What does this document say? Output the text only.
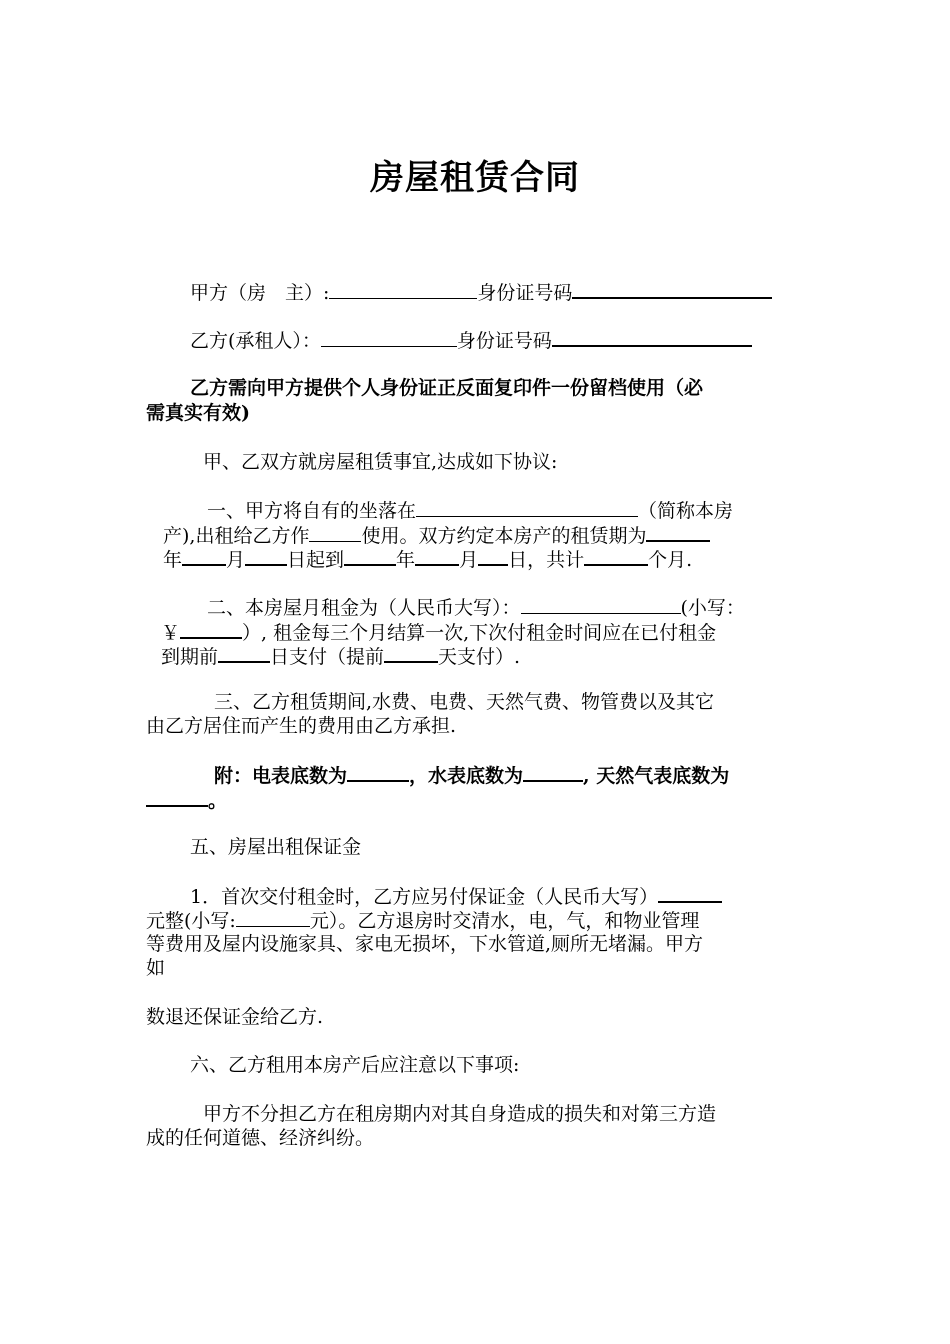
房屋租赁合同
甲方（房　主）:	身份证号码
乙方(承租人）：	身份证号码
乙方需向甲方提供个人身份证正反面复印件一份留档使用（必
需真实有效)
甲、乙双方就房屋租赁事宜,达成如下协议:
一、甲方将自有的坐落在	（简称本房
产),出租给乙方作	使用。双方约定本房产的租赁期为
年 月 日起到	年 月 日，共计	个月.
二、本房屋月租金为（人民币大写）：	(小写：
￥	）, 租金每三个月结算一次,下次付租金时间应在已付租金
到期前	日支付（提前	天支付）.
三、乙方租赁期间,水费、电费、天然气费、物管费以及其它
由乙方居住而产生的费用由乙方承担.
附：电表底数为	，水表底数为	, 天然气表底数为
。
五、房屋出租保证金
1．首次交付租金时，乙方应另付保证金（人民币大写）
元整(小写:	元）。乙方退房时交清水，电，气，和物业管理
等费用及屋内设施家具、家电无损坏，下水管道,厕所无堵漏。甲方
如
数退还保证金给乙方.
六、乙方租用本房产后应注意以下事项:
甲方不分担乙方在租房期内对其自身造成的损失和对第三方造
成的任何道德、经济纠纷。
